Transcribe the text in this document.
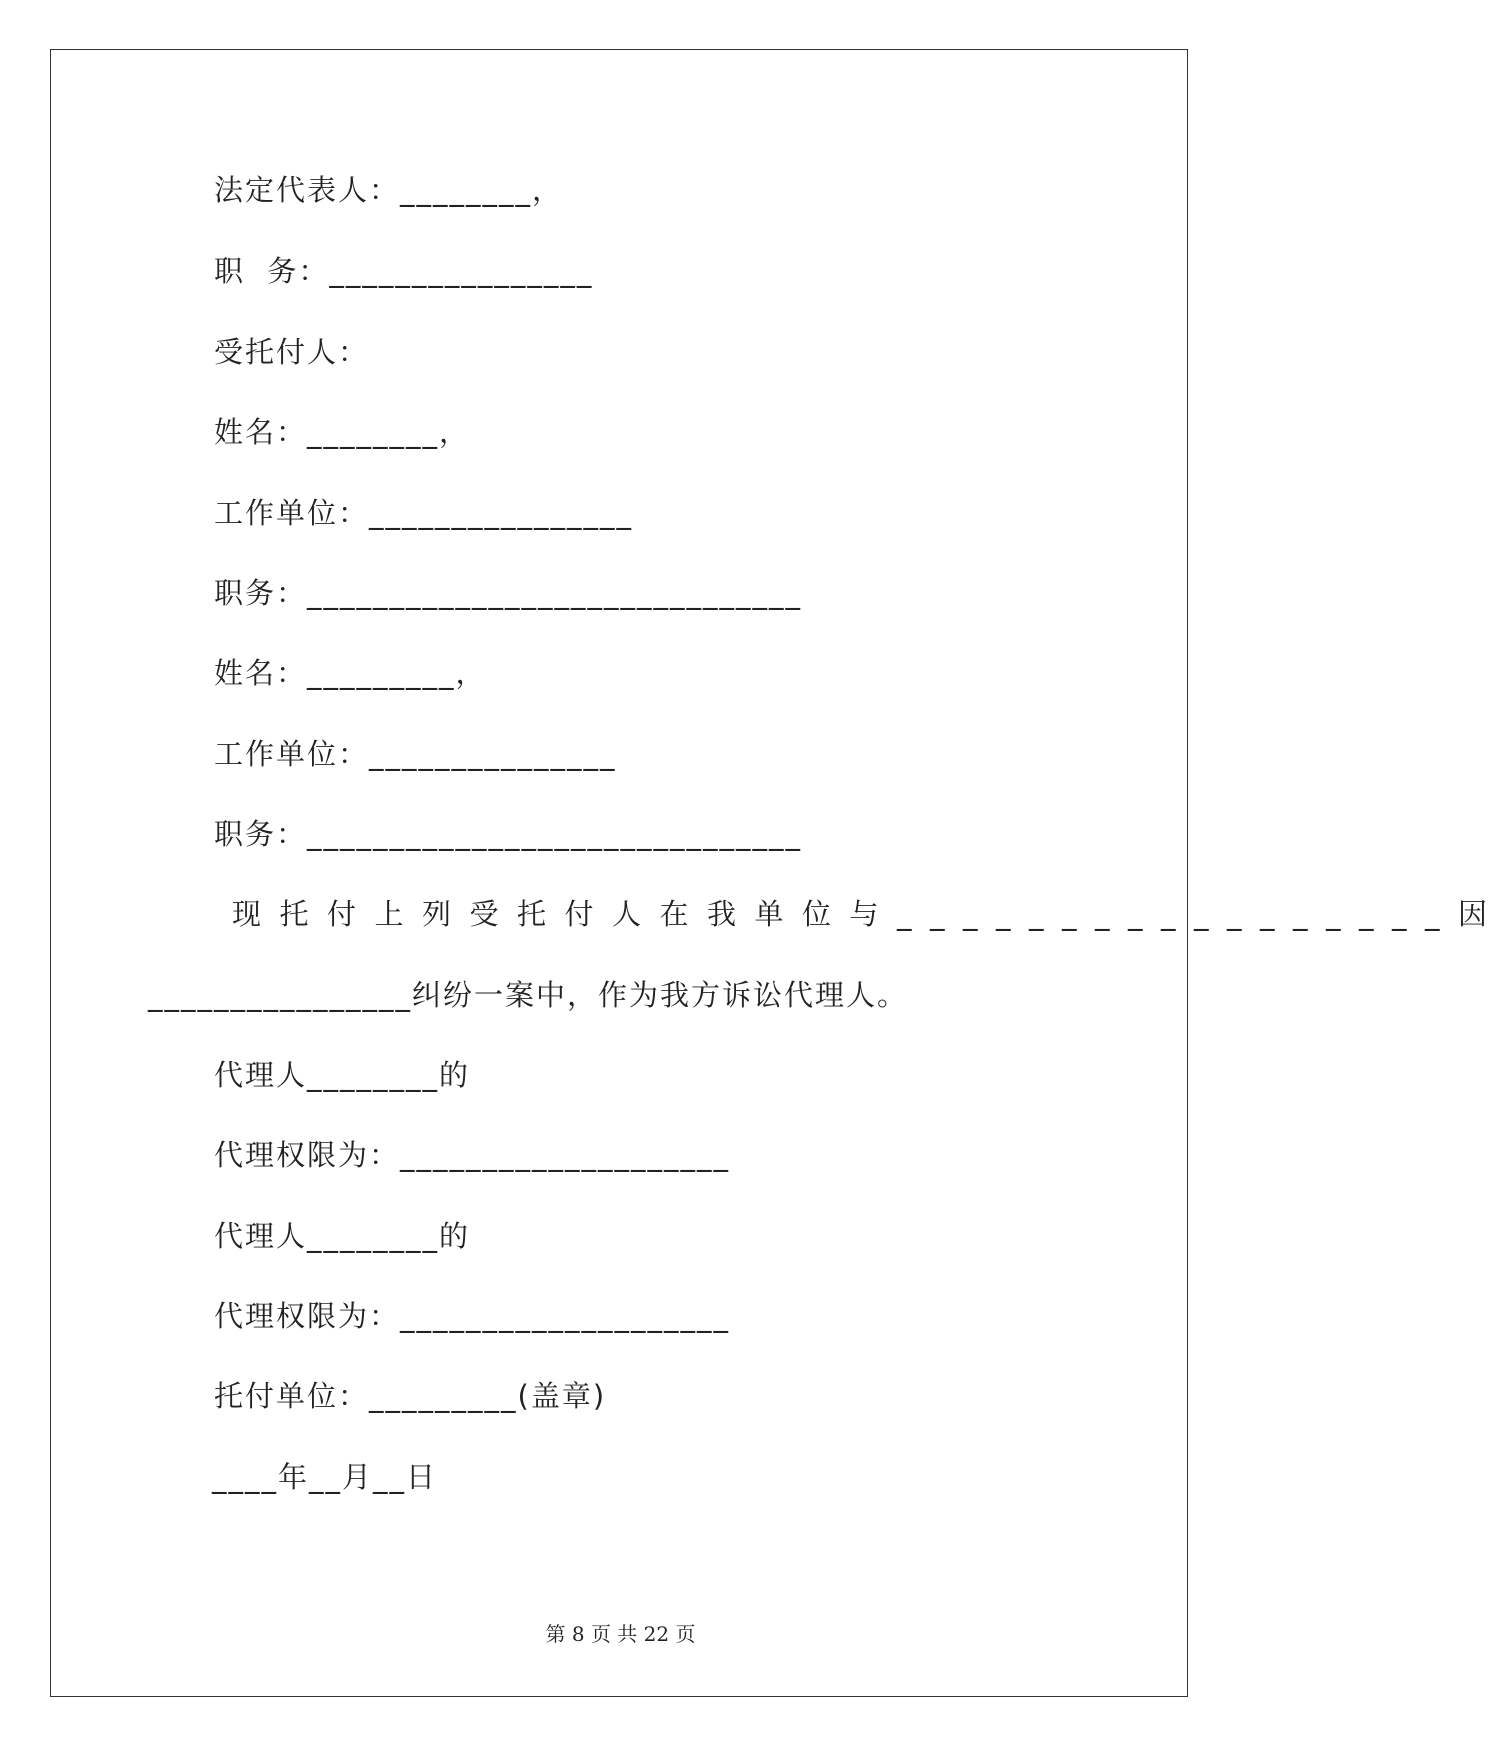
法定代表人：________，
职  务：________________
受托付人：
姓名：________，
工作单位：________________
职务：______________________________
姓名：_________，
工作单位：_______________
职务：______________________________
现托付上列受托付人在我单位与_________________因
________________纠纷一案中，作为我方诉讼代理人。
代理人________的
代理权限为：____________________
代理人________的
代理权限为：____________________
托付单位：_________(盖章)
____年__月__日
第 8 页 共 22 页
